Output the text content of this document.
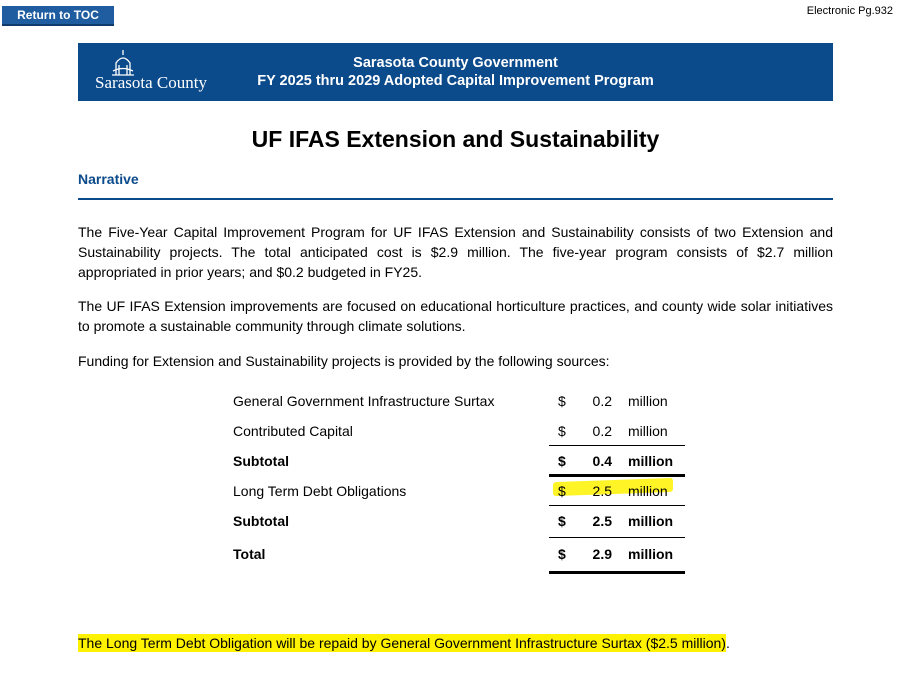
Return to TOC	Electronic Pg.932
Sarasota County
Sarasota County Government
FY 2025 thru 2029 Adopted Capital Improvement Program
UF IFAS Extension and Sustainability
Narrative

The Five-Year Capital Improvement Program for UF IFAS Extension and Sustainability consists of two Extension and Sustainability projects. The total anticipated cost is $2.9 million. The five-year program consists of $2.7 million appropriated in prior years; and $0.2 budgeted in FY25.

The UF IFAS Extension improvements are focused on educational horticulture practices, and county wide solar initiatives to promote a sustainable community through climate solutions.

Funding for Extension and Sustainability projects is provided by the following sources:

General Government Infrastructure Surtax	$	0.2 million
Contributed Capital	$	0.2 million
Subtotal	$	0.4 million
Long Term Debt Obligations	$	2.5 million
Subtotal	$	2.5 million
Total	$	2.9 million
The Long Term Debt Obligation will be repaid by General Government Infrastructure Surtax ($2.5 million).
